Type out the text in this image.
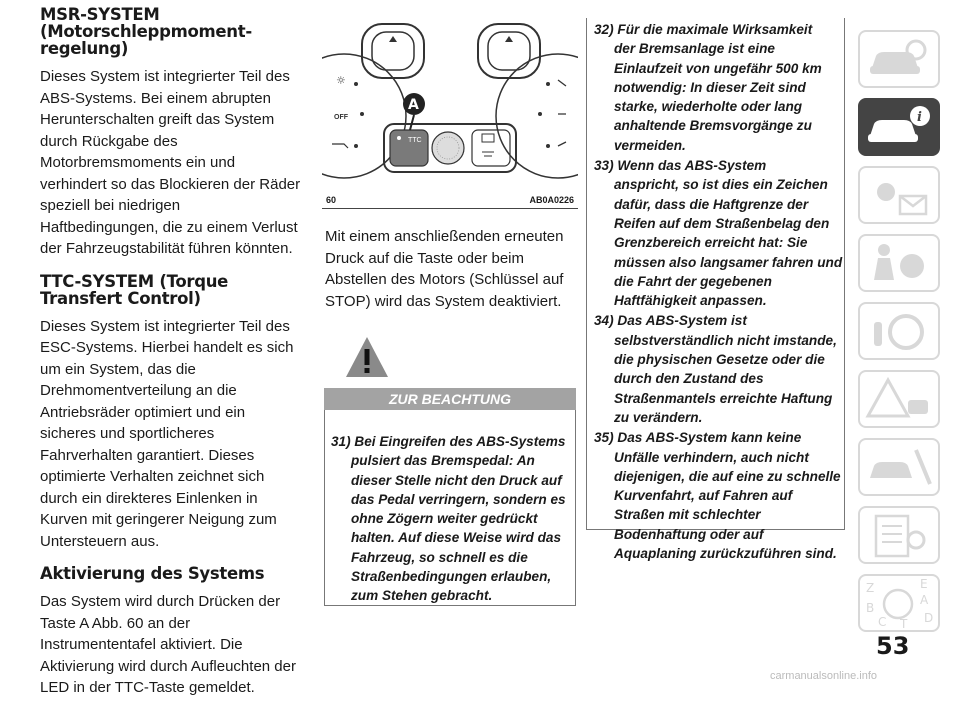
MSR-SYSTEM (Motorschleppmoment- regelung)

Dieses System ist integrierter Teil des ABS-Systems. Bei einem abrupten Herunterschalten greift das System durch Rückgabe des Motorbremsmoments ein und verhindert so das Blockieren der Räder speziell bei niedrigen Haftbedingungen, die zu einem Verlust der Fahrzeugstabilität führen könnten.

TTC-SYSTEM (Torque Transfert Control)

Dieses System ist integrierter Teil des ESC-Systems. Hierbei handelt es sich um ein System, das die Drehmomentverteilung an die Antriebsräder optimiert und ein sicheres und sportlicheres Fahrverhalten garantiert. Dieses optimierte Verhalten zeichnet sich durch ein direkteres Einlenken in Kurven mit geringerer Neigung zum Untersteuern aus.

Aktivierung des Systems

Das System wird durch Drücken der Taste A Abb. 60 an der Instrumententafel aktiviert. Die Aktivierung wird durch Aufleuchten der LED in der TTC-Taste gemeldet.

☼
OFF
TTC
A
60	AB0A0226

Mit einem anschließenden erneuten Druck auf die Taste oder beim Abstellen des Motors (Schlüssel auf STOP) wird das System deaktiviert.

ZUR BEACHTUNG
31) Bei Eingreifen des ABS-Systems
pulsiert das Bremspedal: An dieser Stelle nicht den Druck auf das Pedal verringern, sondern es ohne Zögern weiter gedrückt halten. Auf diese Weise wird das Fahrzeug, so schnell es die Straßenbedingungen erlauben, zum Stehen gebracht.
32) Für die maximale Wirksamkeit
der Bremsanlage ist eine Einlaufzeit von ungefähr 500 km notwendig: In dieser Zeit sind starke, wiederholte oder lang anhaltende Bremsvorgänge zu vermeiden.
33) Wenn das ABS-System
anspricht, so ist dies ein Zeichen dafür, dass die Haftgrenze der Reifen auf dem Straßenbelag den Grenzbereich erreicht hat: Sie müssen also langsamer fahren und die Fahrt der gegebenen Haftfähigkeit anpassen.
34) Das ABS-System ist
selbstverständlich nicht imstande, die physischen Gesetze oder die durch den Zustand des Straßenmantels erreichte Haftung zu verändern.
35) Das ABS-System kann keine
Unfälle verhindern, auch nicht diejenigen, die auf eine zu schnelle Kurvenfahrt, auf Fahren auf Straßen mit schlechter Bodenhaftung oder auf Aquaplaning zurückzuführen sind.
i
Z	E
A
B
C T D
53
carmanualsonline.info
